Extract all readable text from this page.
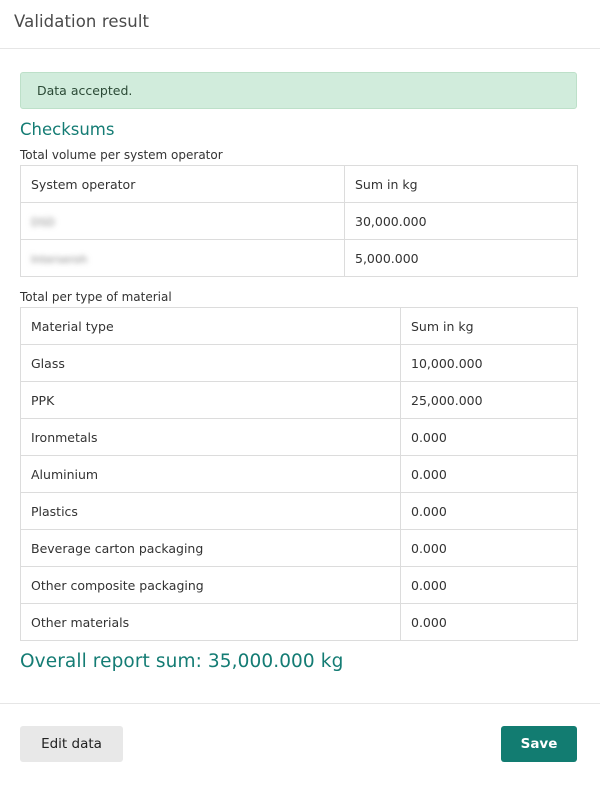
Validation result
Data accepted.
Checksums
Total volume per system operator
System operator	Sum in kg
DSD	30,000.000
Interseroh	5,000.000
Total per type of material
Material type	Sum in kg
Glass	10,000.000
PPK	25,000.000
Ironmetals	0.000
Aluminium	0.000
Plastics	0.000
Beverage carton packaging	0.000
Other composite packaging	0.000
Other materials	0.000
Overall report sum: 35,000.000 kg
Edit data	Save
